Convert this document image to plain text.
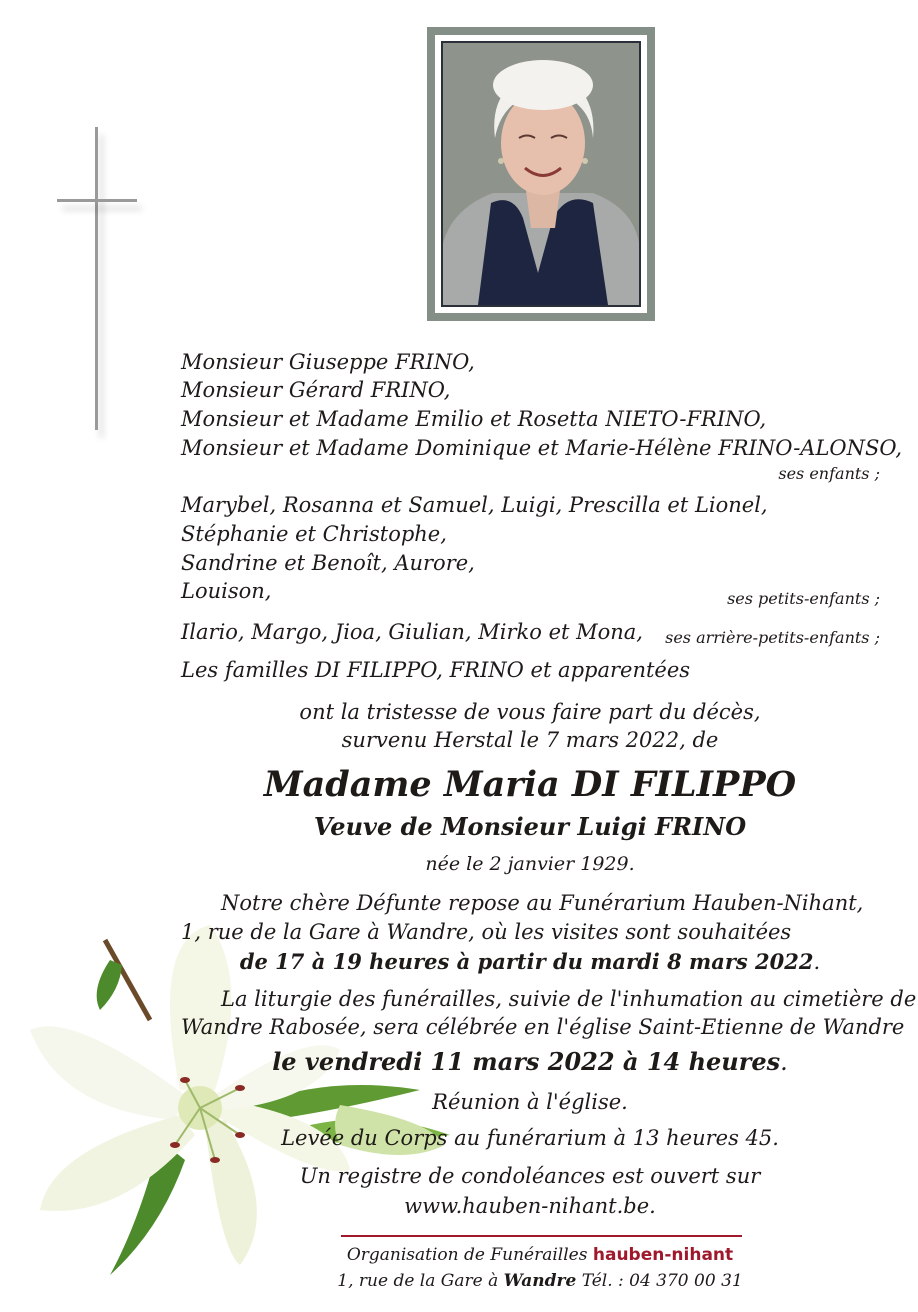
Monsieur Giuseppe FRINO,
Monsieur Gérard FRINO,
Monsieur et Madame Emilio et Rosetta NIETO-FRINO,
Monsieur et Madame Dominique et Marie-Hélène FRINO-ALONSO,
ses enfants ;
Marybel, Rosanna et Samuel, Luigi, Prescilla et Lionel,
Stéphanie et Christophe,
Sandrine et Benoît, Aurore,
Louison,	ses petits-enfants ;
Ilario, Margo, Jioa, Giulian, Mirko et Mona, ses arrière-petits-enfants ;
Les familles DI FILIPPO, FRINO et apparentées
ont la tristesse de vous faire part du décès,
survenu Herstal le 7 mars 2022, de
Madame Maria DI FILIPPO
Veuve de Monsieur Luigi FRINO
née le 2 janvier 1929.
Notre chère Défunte repose au Funérarium Hauben-Nihant,
1, rue de la Gare à Wandre, où les visites sont souhaitées
de 17 à 19 heures à partir du mardi 8 mars 2022.
La liturgie des funérailles, suivie de l'inhumation au cimetière de
Wandre Rabosée, sera célébrée en l'église Saint-Etienne de Wandre
le vendredi 11 mars 2022 à 14 heures.
Réunion à l'église.
Levée du Corps au funérarium à 13 heures 45.
Un registre de condoléances est ouvert sur
www.hauben-nihant.be.
Organisation de Funérailles hauben-nihant
1, rue de la Gare à Wandre Tél. : 04 370 00 31
